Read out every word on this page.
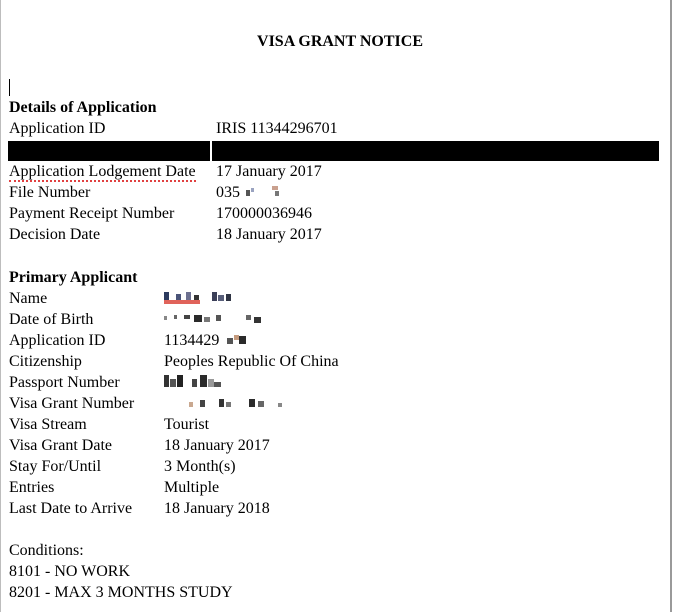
VISA GRANT NOTICE
Details of Application
Application ID	IRIS 11344296701
Application Lodgement Date 17 January 2017
File Number	035
Payment Receipt Number	170000036946
Decision Date	18 January 2017
Primary Applicant
Name
Date of Birth
Application ID	1134429
Citizenship	Peoples Republic Of China
Passport Number
Visa Grant Number
Visa Stream	Tourist
Visa Grant Date	18 January 2017
Stay For/Until	3 Month(s)
Entries	Multiple
Last Date to Arrive 18 January 2018
Conditions:
8101 - NO WORK
8201 - MAX 3 MONTHS STUDY
